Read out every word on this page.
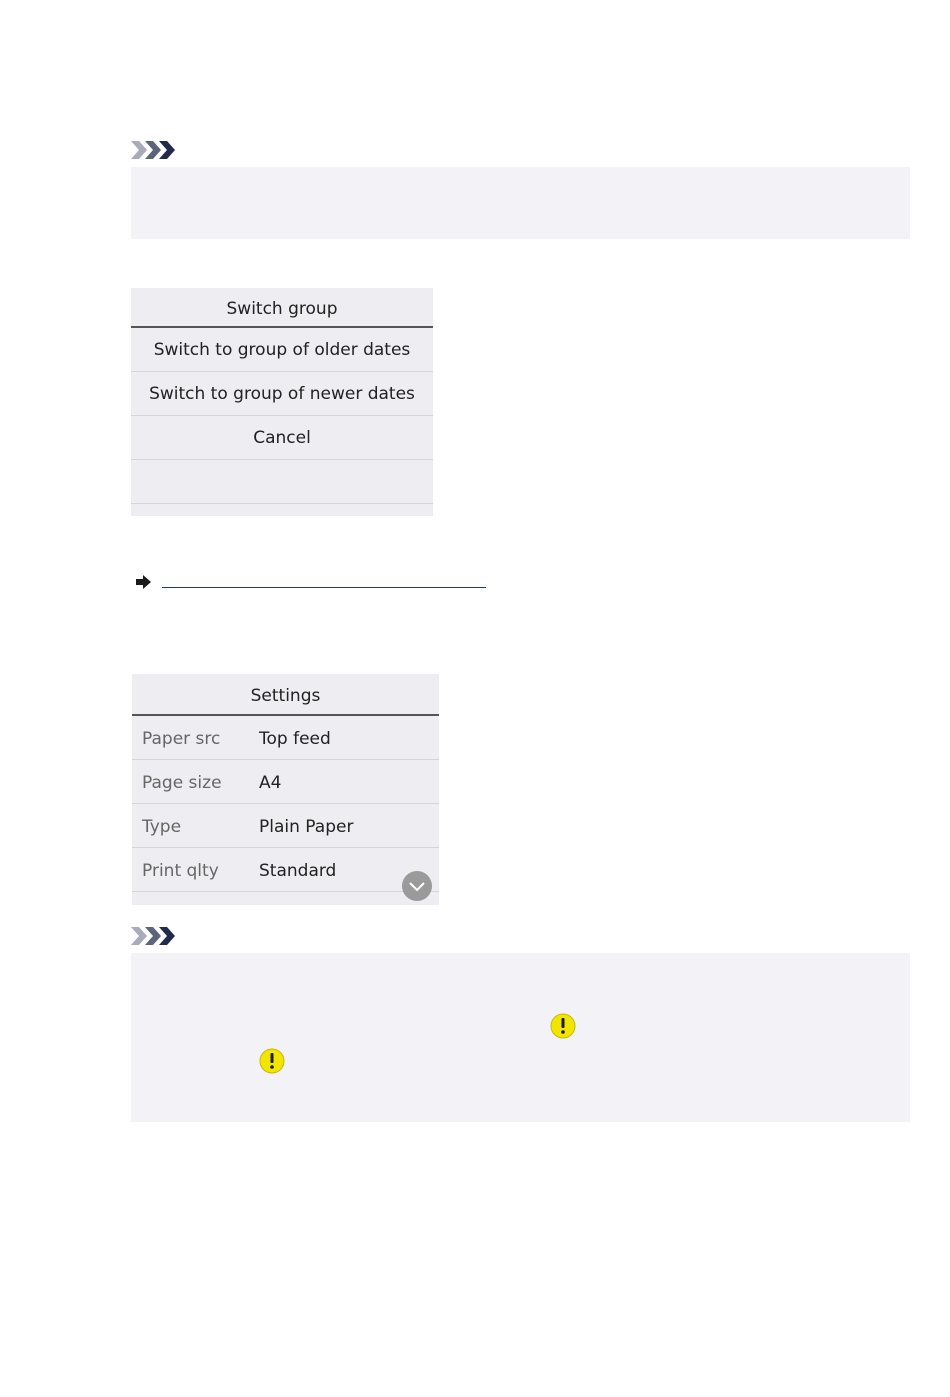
Switch group
Switch to group of older dates
Switch to group of newer dates
Cancel
Settings
Paper src Top feed
Page size A4
Type	Plain Paper
Print qlty Standard
